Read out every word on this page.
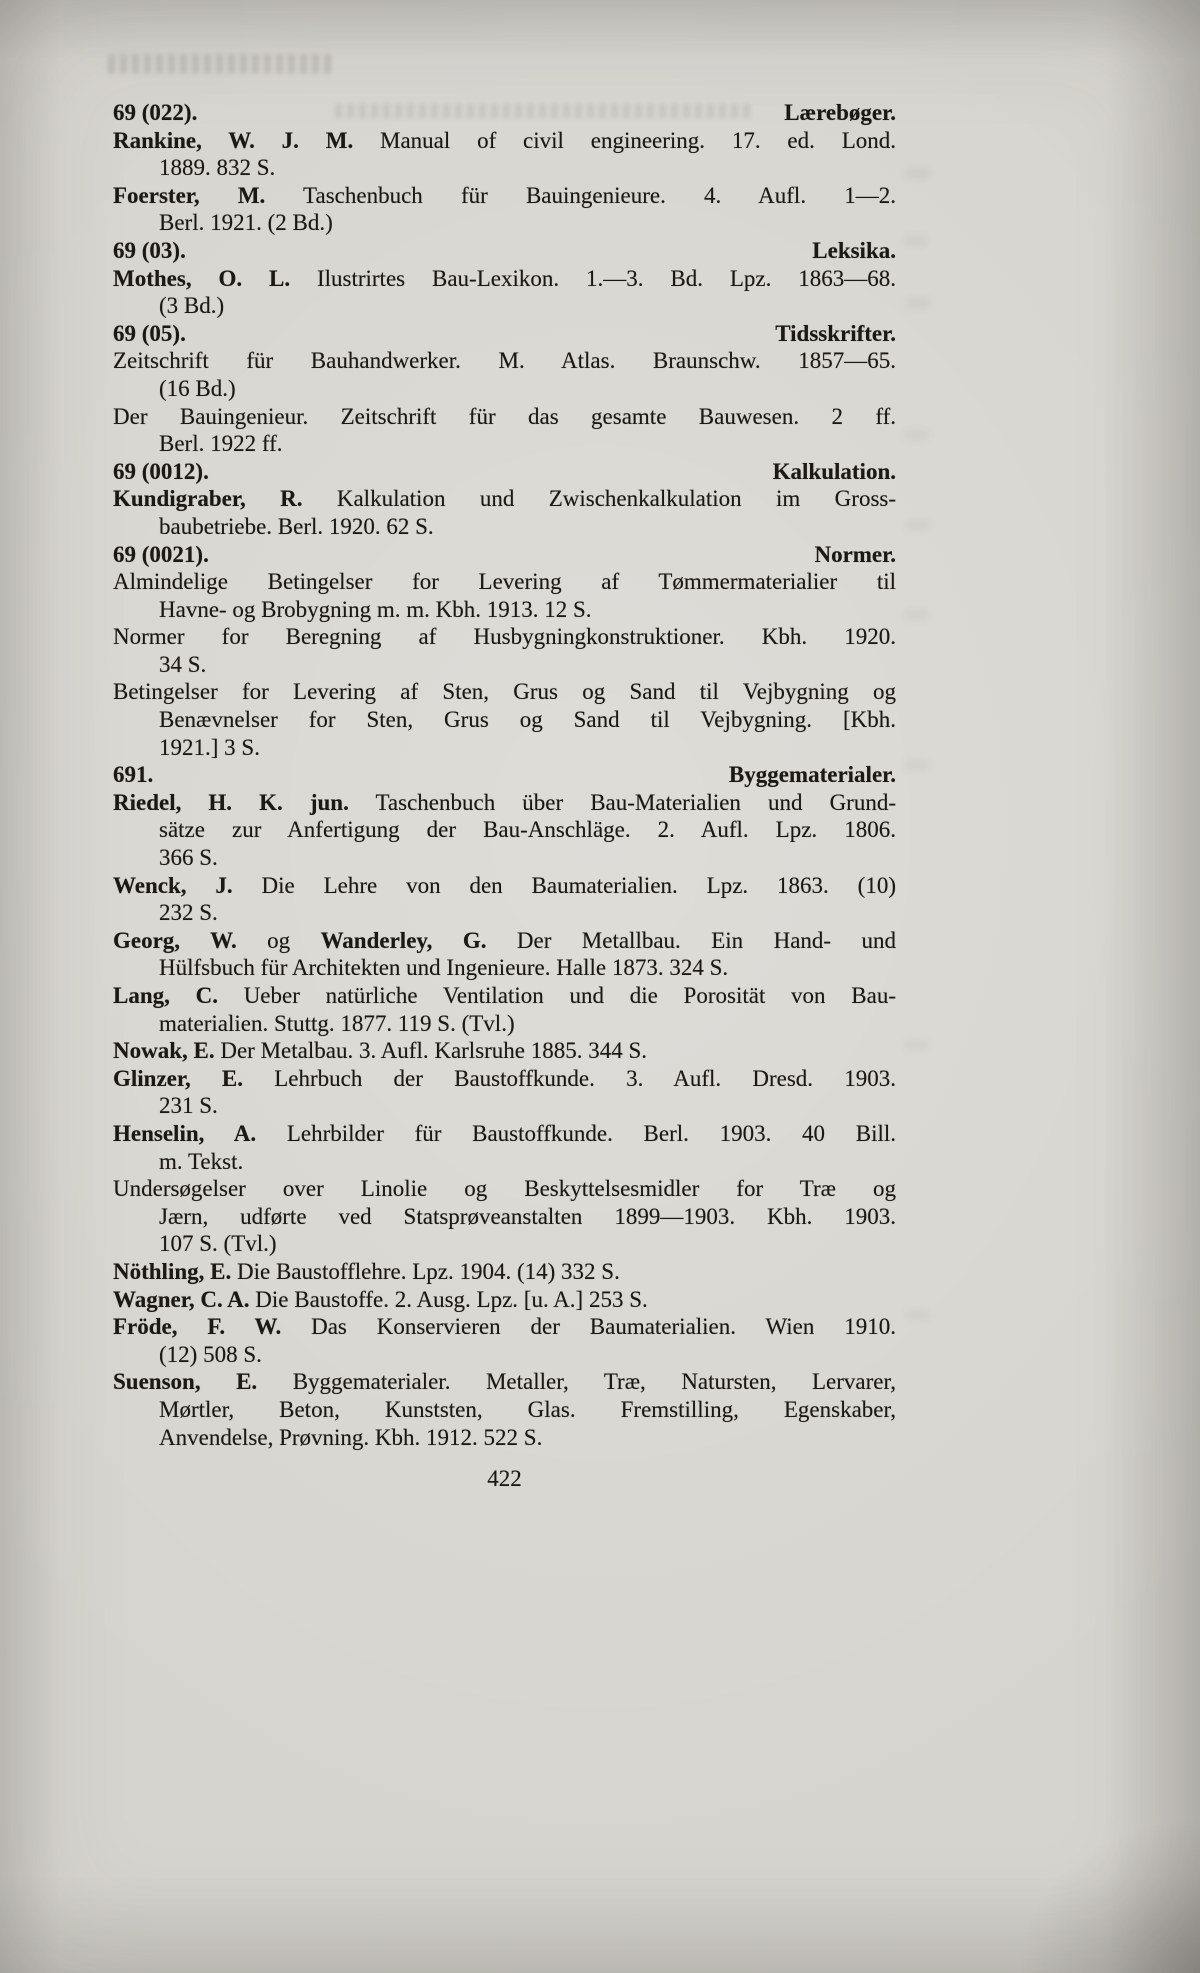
69 (022).	Lærebøger.
Rankine, W. J. M. Manual of civil engineering. 17. ed. Lond.
1889. 832 S.
Foerster, M. Taschenbuch für Bauingenieure. 4. Aufl. 1—2.
Berl. 1921. (2 Bd.)
69 (03).	Leksika.
Mothes, O. L. Ilustrirtes Bau-Lexikon. 1.—3. Bd. Lpz. 1863—68.
(3 Bd.)
69 (05).	Tidsskrifter.
Zeitschrift für Bauhandwerker. M. Atlas. Braunschw. 1857—65.
(16 Bd.)
Der Bauingenieur. Zeitschrift für das gesamte Bauwesen. 2 ff.
Berl. 1922 ff.
69 (0012).	Kalkulation.
Kundigraber, R. Kalkulation und Zwischenkalkulation im Gross-
baubetriebe. Berl. 1920. 62 S.
69 (0021).	Normer.
Almindelige Betingelser for Levering af Tømmermaterialier til
Havne- og Brobygning m. m. Kbh. 1913. 12 S.
Normer for Beregning af Husbygningkonstruktioner. Kbh. 1920.
34 S.
Betingelser for Levering af Sten, Grus og Sand til Vejbygning og
Benævnelser for Sten, Grus og Sand til Vejbygning. [Kbh.
1921.] 3 S.
691.	Byggematerialer.
Riedel, H. K. jun. Taschenbuch über Bau-Materialien und Grund-
sätze zur Anfertigung der Bau-Anschläge. 2. Aufl. Lpz. 1806.
366 S.
Wenck, J. Die Lehre von den Baumaterialien. Lpz. 1863. (10)
232 S.
Georg, W. og Wanderley, G. Der Metallbau. Ein Hand- und
Hülfsbuch für Architekten und Ingenieure. Halle 1873. 324 S.
Lang, C. Ueber natürliche Ventilation und die Porosität von Bau-
materialien. Stuttg. 1877. 119 S. (Tvl.)
Nowak, E. Der Metalbau. 3. Aufl. Karlsruhe 1885. 344 S.
Glinzer, E. Lehrbuch der Baustoffkunde. 3. Aufl. Dresd. 1903.
231 S.
Henselin, A. Lehrbilder für Baustoffkunde. Berl. 1903. 40 Bill.
m. Tekst.
Undersøgelser over Linolie og Beskyttelsesmidler for Træ og
Jærn, udførte ved Statsprøveanstalten 1899—1903. Kbh. 1903.
107 S. (Tvl.)
Nöthling, E. Die Baustofflehre. Lpz. 1904. (14) 332 S.
Wagner, C. A. Die Baustoffe. 2. Ausg. Lpz. [u. A.] 253 S.
Fröde, F. W. Das Konservieren der Baumaterialien. Wien 1910.
(12) 508 S.
Suenson, E. Byggematerialer. Metaller, Træ, Natursten, Lervarer,
Mørtler, Beton, Kunststen, Glas. Fremstilling, Egenskaber,
Anvendelse, Prøvning. Kbh. 1912. 522 S.
422
